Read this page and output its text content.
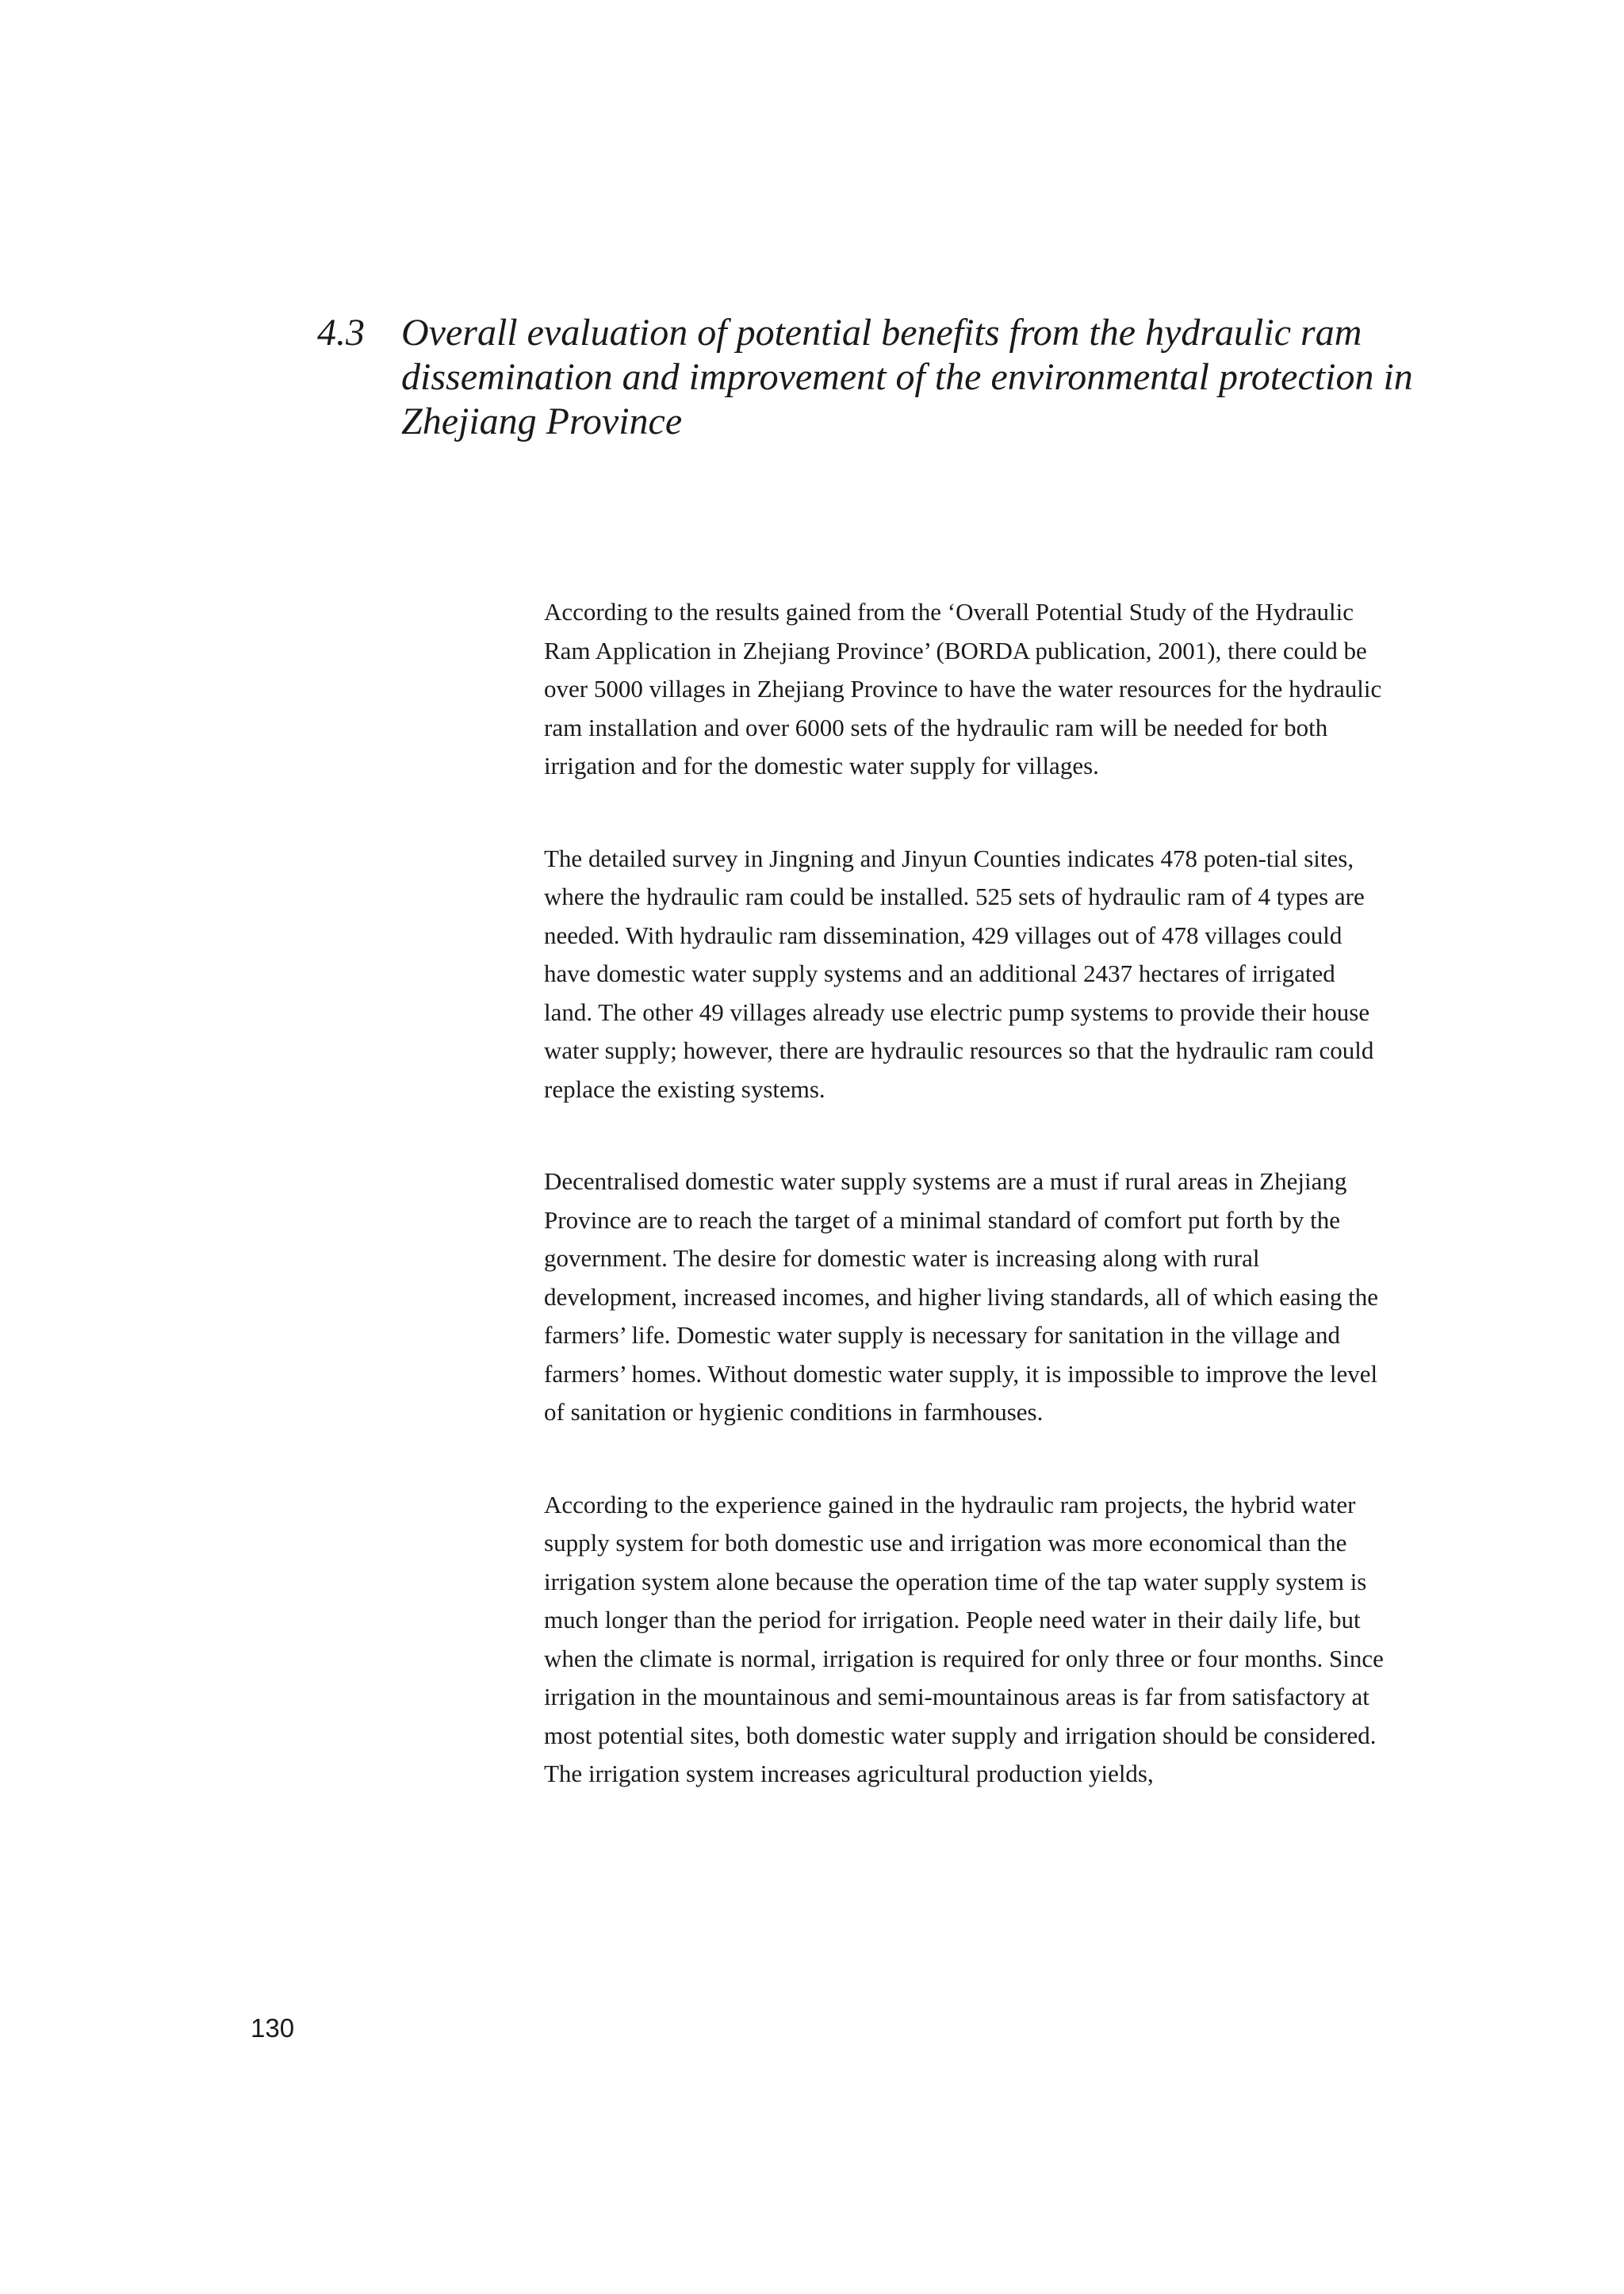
4.3 Overall evaluation of potential benefits from the hydraulic ram dissemination and improvement of the environmental protection in Zhejiang Province

According to the results gained from the ‘Overall Potential Study of the Hydraulic Ram Application in Zhejiang Province’ (BORDA publication, 2001), there could be over 5000 villages in Zhejiang Province to have the water resources for the hydraulic ram installation and over 6000 sets of the hydraulic ram will be needed for both irrigation and for the domestic water supply for villages.

The detailed survey in Jingning and Jinyun Counties indicates 478 poten-tial sites, where the hydraulic ram could be installed. 525 sets of hydraulic ram of 4 types are needed. With hydraulic ram dissemination, 429 villages out of 478 villages could have domestic water supply systems and an additional 2437 hectares of irrigated land. The other 49 villages already use electric pump systems to provide their house water supply; however, there are hydraulic resources so that the hydraulic ram could replace the existing systems.

Decentralised domestic water supply systems are a must if rural areas in Zhejiang Province are to reach the target of a minimal standard of comfort put forth by the government. The desire for domestic water is increasing along with rural development, increased incomes, and higher living standards, all of which easing the farmers’ life. Domestic water supply is necessary for sanitation in the village and farmers’ homes. Without domestic water supply, it is impossible to improve the level of sanitation or hygienic conditions in farmhouses.

According to the experience gained in the hydraulic ram projects, the hybrid water supply system for both domestic use and irrigation was more economical than the irrigation system alone because the operation time of the tap water supply system is much longer than the period for irrigation. People need water in their daily life, but when the climate is normal, irrigation is required for only three or four months. Since irrigation in the mountainous and semi-mountainous areas is far from satisfactory at most potential sites, both domestic water supply and irrigation should be considered. The irrigation system increases agricultural production yields,

130
